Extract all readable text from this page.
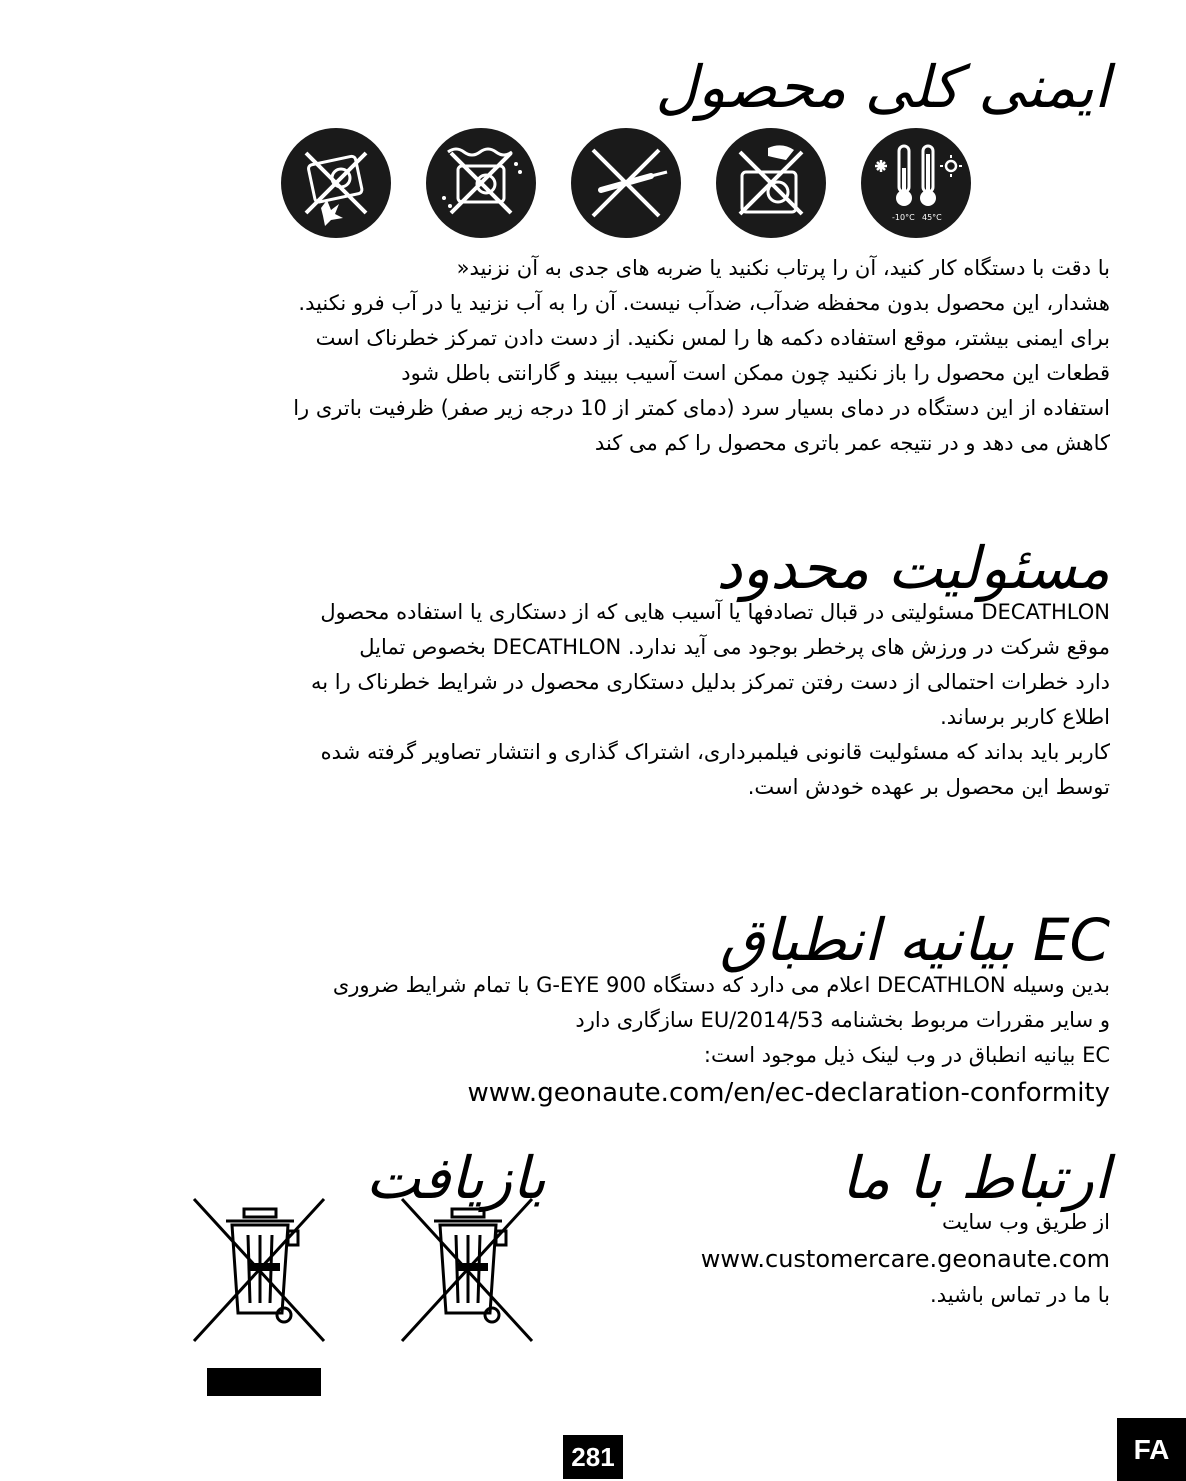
ایمنی کلی محصول
-10°C 45°C
با دقت با دستگاه کار کنید، آن را پرتاب نکنید یا ضربه های جدی به آن نزنید«
هشدار، این محصول بدون محفظه ضدآب، ضدآب نیست. آن را به آب نزنید یا در آب فرو نکنید.
برای ایمنی بیشتر، موقع استفاده دکمه ها را لمس نکنید. از دست دادن تمرکز خطرناک است
قطعات این محصول را باز نکنید چون ممکن است آسیب ببیند و گارانتی باطل شود
استفاده از این دستگاه در دمای بسیار سرد (دمای کمتر از 10 درجه زیر صفر) ظرفیت باتری را
کاهش می دهد و در نتیجه عمر باتری محصول را کم می کند
مسئولیت محدود
DECATHLON مسئولیتی در قبال تصادفها یا آسیب هایی که از دستکاری یا استفاده محصول
موقع شرکت در ورزش های پرخطر بوجود می آید ندارد. DECATHLON بخصوص تمایل
دارد خطرات احتمالی از دست رفتن تمرکز بدلیل دستکاری محصول در شرایط خطرناک را به
اطلاع کاربر برساند.
کاربر باید بداند که مسئولیت قانونی فیلمبرداری، اشتراک گذاری و انتشار تصاویر گرفته شده
توسط این محصول بر عهده خودش است.
EC بیانیه انطباق
بدین وسیله DECATHLON اعلام می دارد که دستگاه G-EYE 900 با تمام شرایط ضروری
و سایر مقررات مربوط بخشنامه EU/2014/53 سازگاری دارد
EC بیانیه انطباق در وب لینک ذیل موجود است:
www.geonaute.com/en/ec-declaration-conformity
ارتباط با ما
از طریق وب سایت
www.customercare.geonaute.com
با ما در تماس باشید.
بازیافت
281	FA
